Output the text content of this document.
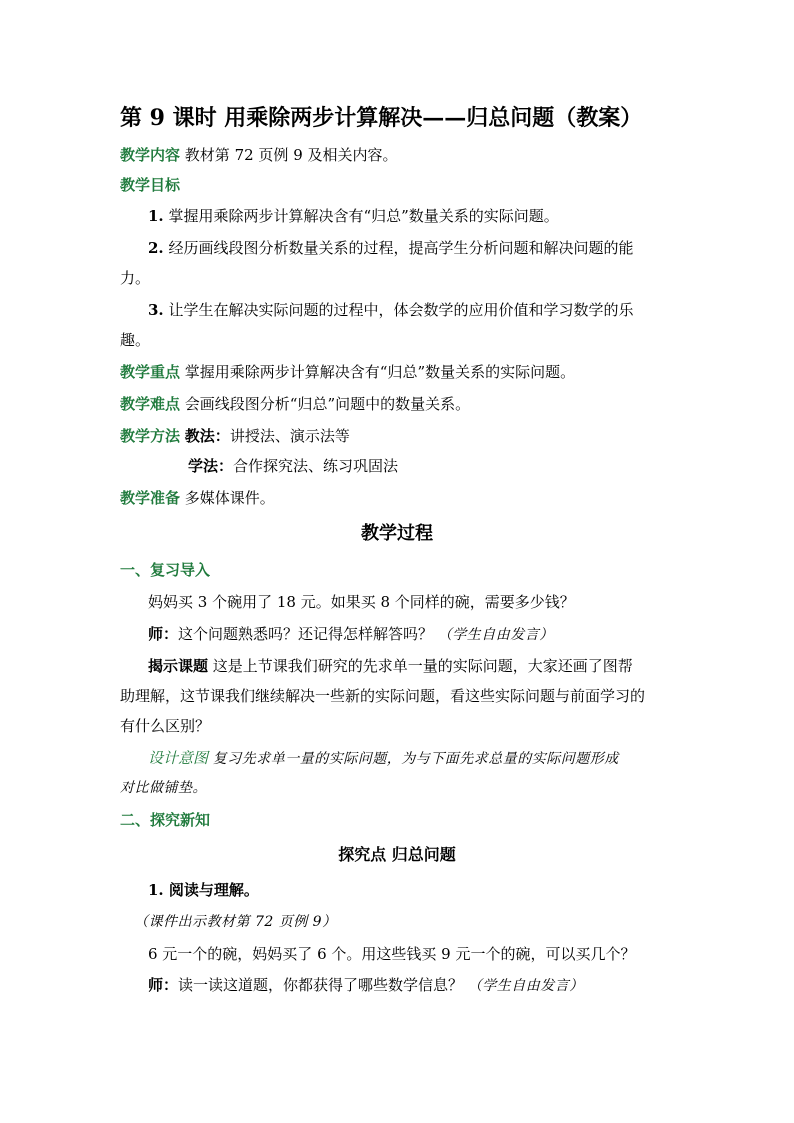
第 9 课时 用乘除两步计算解决——归总问题（教案）
教学内容 教材第 72 页例 9 及相关内容。
教学目标
1. 掌握用乘除两步计算解决含有“归总”数量关系的实际问题。
2. 经历画线段图分析数量关系的过程，提高学生分析问题和解决问题的能
力。
3. 让学生在解决实际问题的过程中，体会数学的应用价值和学习数学的乐
趣。
教学重点 掌握用乘除两步计算解决含有“归总”数量关系的实际问题。
教学难点 会画线段图分析“归总”问题中的数量关系。
教学方法 教法：讲授法、演示法等
学法：合作探究法、练习巩固法
教学准备 多媒体课件。
教学过程
一、复习导入
妈妈买 3 个碗用了 18 元。如果买 8 个同样的碗，需要多少钱？
师：这个问题熟悉吗？还记得怎样解答吗？ （学生自由发言）
揭示课题 这是上节课我们研究的先求单一量的实际问题，大家还画了图帮
助理解，这节课我们继续解决一些新的实际问题，看这些实际问题与前面学习的
有什么区别？
设计意图 复习先求单一量的实际问题，为与下面先求总量的实际问题形成
对比做铺垫。
二、探究新知
探究点 归总问题
1. 阅读与理解。
（课件出示教材第 72 页例 9）
6 元一个的碗，妈妈买了 6 个。用这些钱买 9 元一个的碗，可以买几个？
师：读一读这道题，你都获得了哪些数学信息？ （学生自由发言）
